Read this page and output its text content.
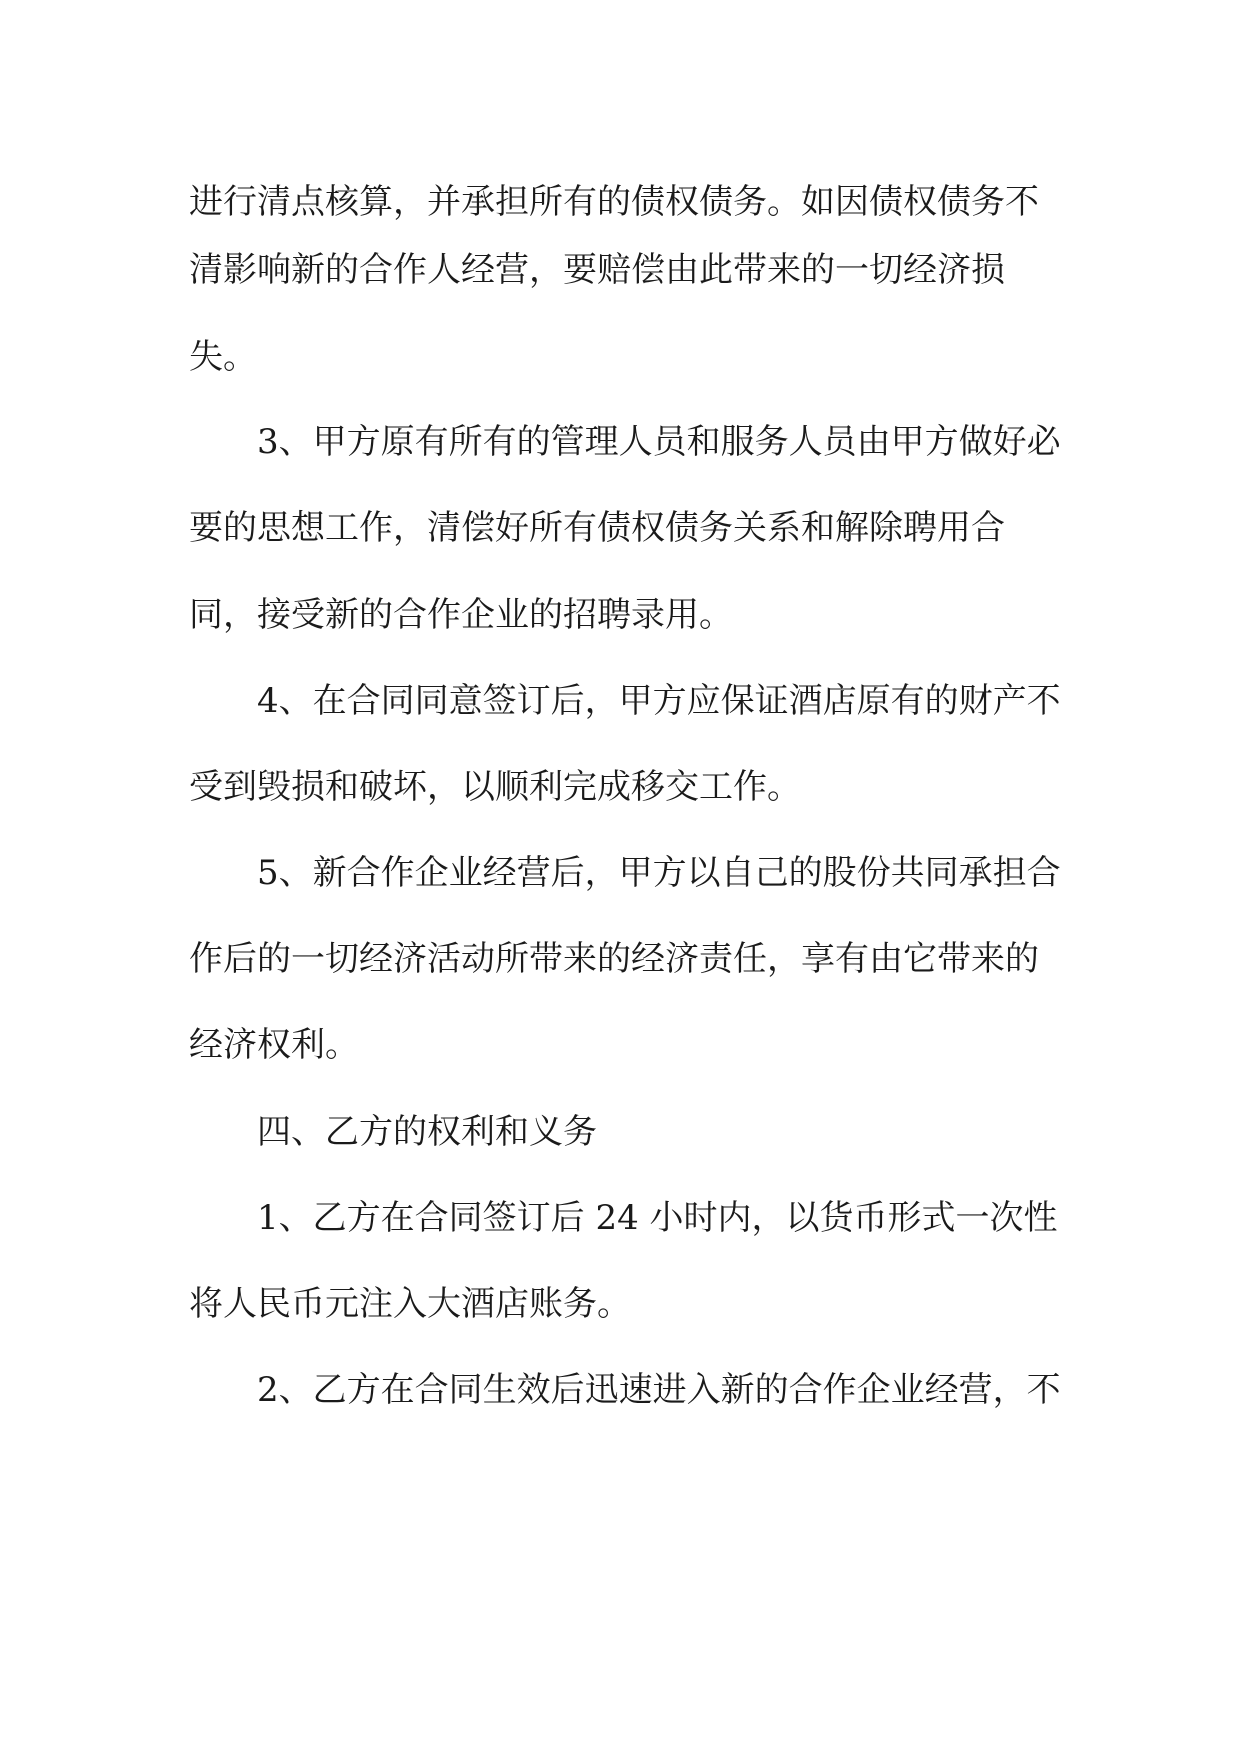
进行清点核算，并承担所有的债权债务。如因债权债务不

清影响新的合作人经营，要赔偿由此带来的一切经济损

失。

3、甲方原有所有的管理人员和服务人员由甲方做好必

要的思想工作，清偿好所有债权债务关系和解除聘用合

同，接受新的合作企业的招聘录用。

4、在合同同意签订后，甲方应保证酒店原有的财产不

受到毁损和破坏，以顺利完成移交工作。

5、新合作企业经营后，甲方以自己的股份共同承担合

作后的一切经济活动所带来的经济责任，享有由它带来的

经济权利。

四、乙方的权利和义务

1、乙方在合同签订后 24 小时内，以货币形式一次性

将人民币元注入大酒店账务。

2、乙方在合同生效后迅速进入新的合作企业经营，不
